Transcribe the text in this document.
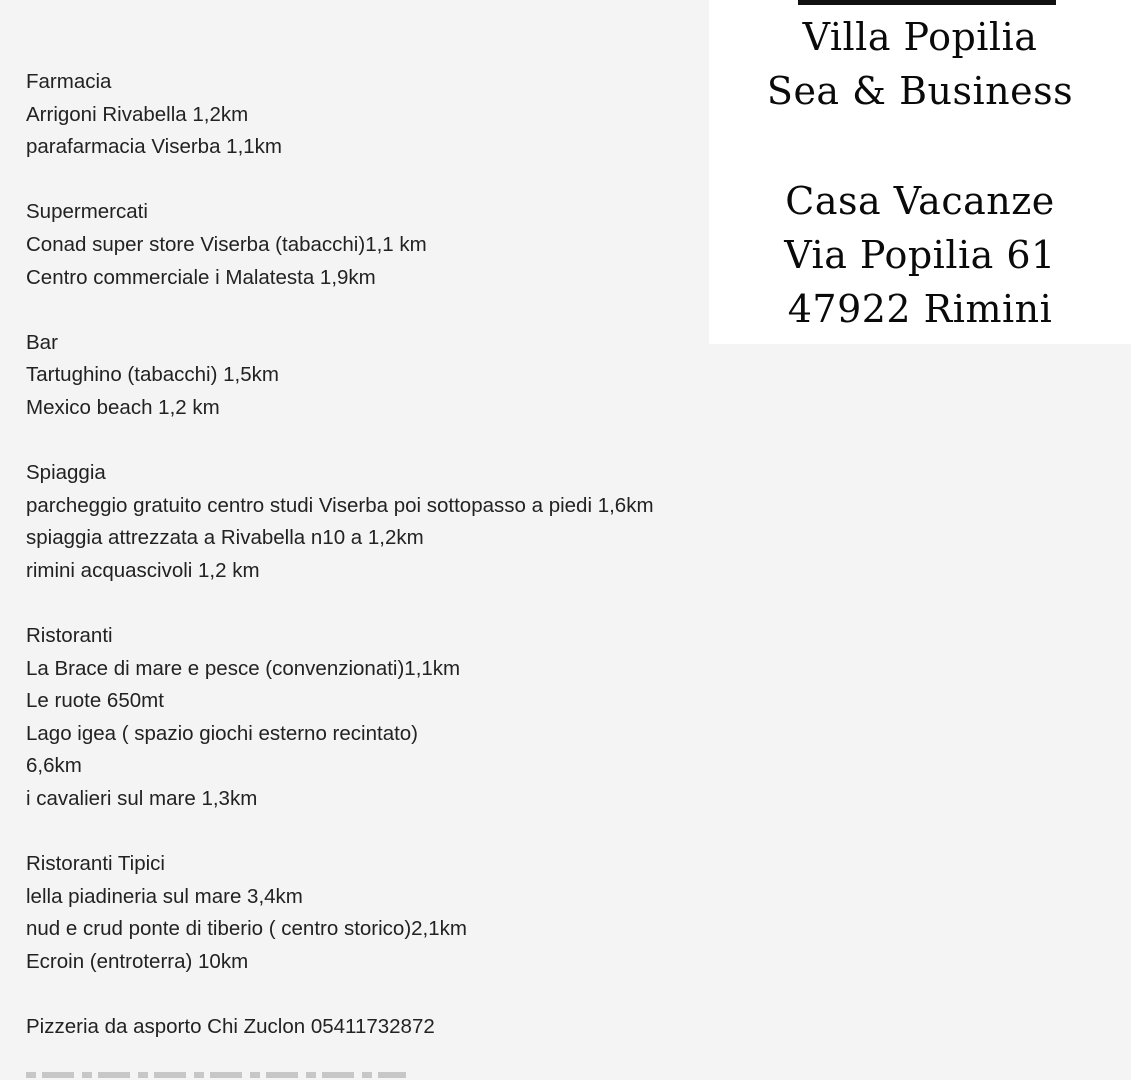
Farmacia
Arrigoni Rivabella 1,2km
parafarmacia Viserba 1,1km
Supermercati
Conad super store Viserba (tabacchi)1,1 km
Centro commerciale i Malatesta 1,9km
Bar
Tartughino (tabacchi) 1,5km
Mexico beach 1,2 km
Spiaggia
parcheggio gratuito centro studi Viserba poi sottopasso a piedi 1,6km
spiaggia attrezzata a Rivabella n10 a 1,2km
rimini acquascivoli 1,2 km
Ristoranti
La Brace di mare e pesce (convenzionati)1,1km
Le ruote 650mt
Lago igea ( spazio giochi esterno recintato)
6,6km
i cavalieri sul mare 1,3km
Ristoranti Tipici
lella piadineria sul mare 3,4km
nud e crud ponte di tiberio ( centro storico)2,1km
Ecroin (entroterra) 10km
Pizzeria da asporto Chi Zuclon 05411732872
Villa Popilia
Sea & Business
Casa Vacanze
Via Popilia 61
47922 Rimini
